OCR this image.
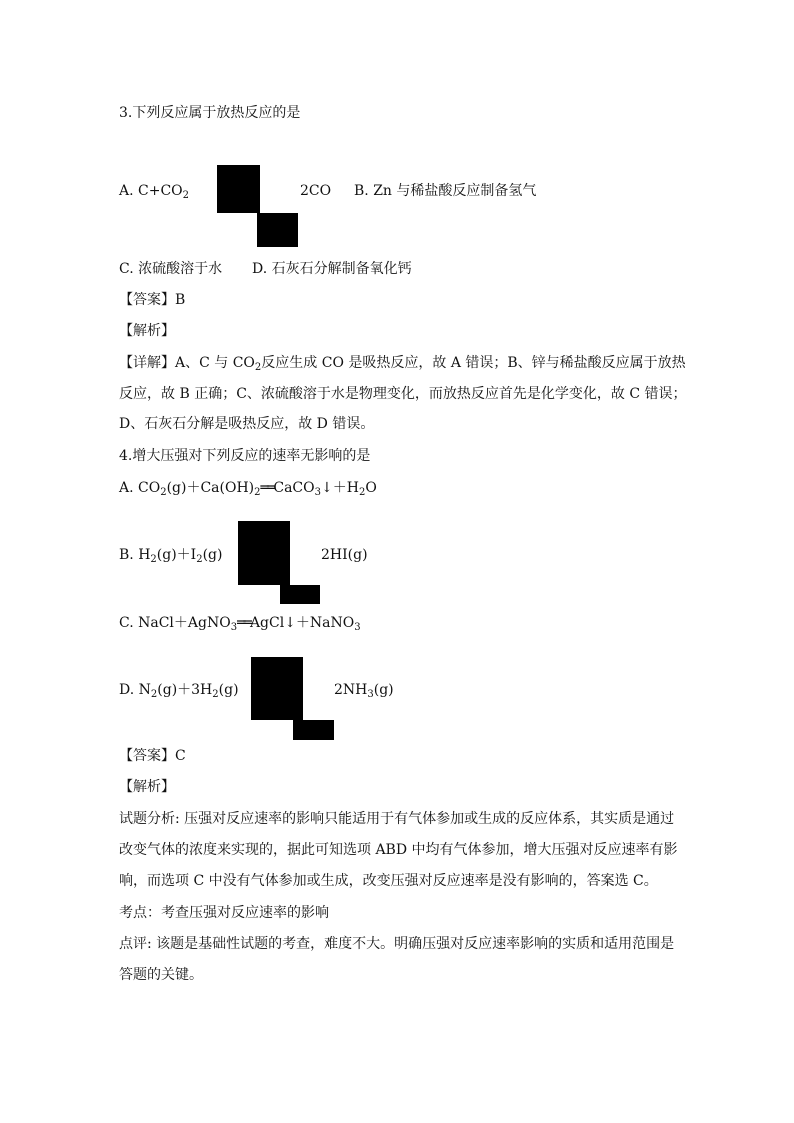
3.下列反应属于放热反应的是
A. $C+CO_2$	2CO B. Zn 与稀盐酸反应制备氢气
C. 浓硫酸溶于水 D. 石灰石分解制备氧化钙
【答案】B
【解析】
【详解】A、C 与 $CO_2$反应生成 CO 是吸热反应，故 A 错误；B、锌与稀盐酸反应属于放热
反应，故 B 正确；C、浓硫酸溶于水是物理变化，而放热反应首先是化学变化，故 C 错误；
D、石灰石分解是吸热反应，故 D 错误。
4.增大压强对下列反应的速率无影响的是
A. $CO_2(g)+Ca(OH)_2══CaCO_3↓+H_2O$
B. $H_2(g)+I_2(g)$	2HI(g)
C. NaCl＋AgNO$_3$══AgCl↓＋NaNO$_3$
D. $N_2(g)+3H_2(g)$	$2NH_3(g)$
【答案】C
【解析】
试题分析: 压强对反应速率的影响只能适用于有气体参加或生成的反应体系，其实质是通过
改变气体的浓度来实现的，据此可知选项 ABD 中均有气体参加，增大压强对反应速率有影
响，而选项 C 中没有气体参加或生成，改变压强对反应速率是没有影响的，答案选 C。
考点：考查压强对反应速率的影响
点评: 该题是基础性试题的考查，难度不大。明确压强对反应速率影响的实质和适用范围是
答题的关键。
